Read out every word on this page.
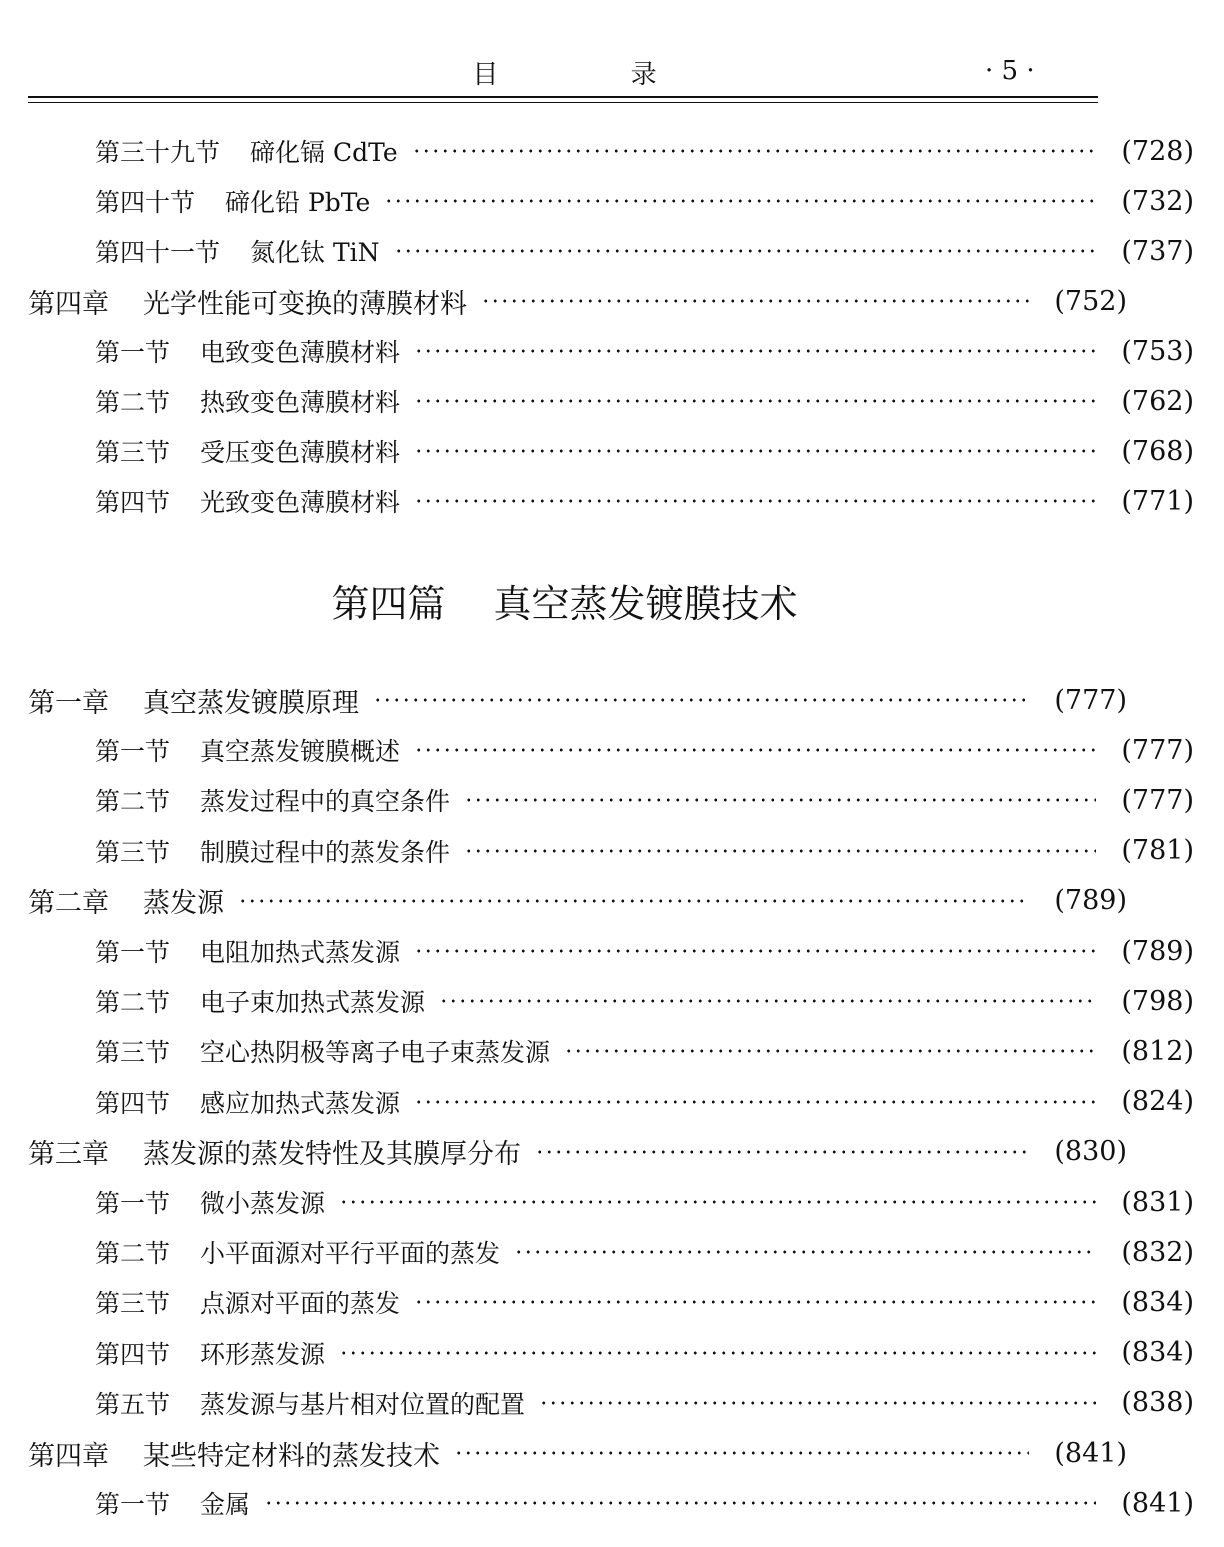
目 录	· 5 ·
第三十九节 碲化镉 CdTe	(728)
第四十节 碲化铅 PbTe	(732)
第四十一节 氮化钛 TiN	(737)
第四章 光学性能可变换的薄膜材料	(752)
第一节 电致变色薄膜材料	(753)
第二节 热致变色薄膜材料	(762)
第三节 受压变色薄膜材料	(768)
第四节 光致变色薄膜材料	(771)
第四篇 真空蒸发镀膜技术
第一章 真空蒸发镀膜原理	(777)
第一节 真空蒸发镀膜概述	(777)
第二节 蒸发过程中的真空条件	(777)
第三节 制膜过程中的蒸发条件	(781)
第二章 蒸发源	(789)
第一节 电阻加热式蒸发源	(789)
第二节 电子束加热式蒸发源	(798)
第三节 空心热阴极等离子电子束蒸发源	(812)
第四节 感应加热式蒸发源	(824)
第三章 蒸发源的蒸发特性及其膜厚分布	(830)
第一节 微小蒸发源	(831)
第二节 小平面源对平行平面的蒸发	(832)
第三节 点源对平面的蒸发	(834)
第四节 环形蒸发源	(834)
第五节 蒸发源与基片相对位置的配置	(838)
第四章 某些特定材料的蒸发技术	(841)
第一节 金属	(841)
